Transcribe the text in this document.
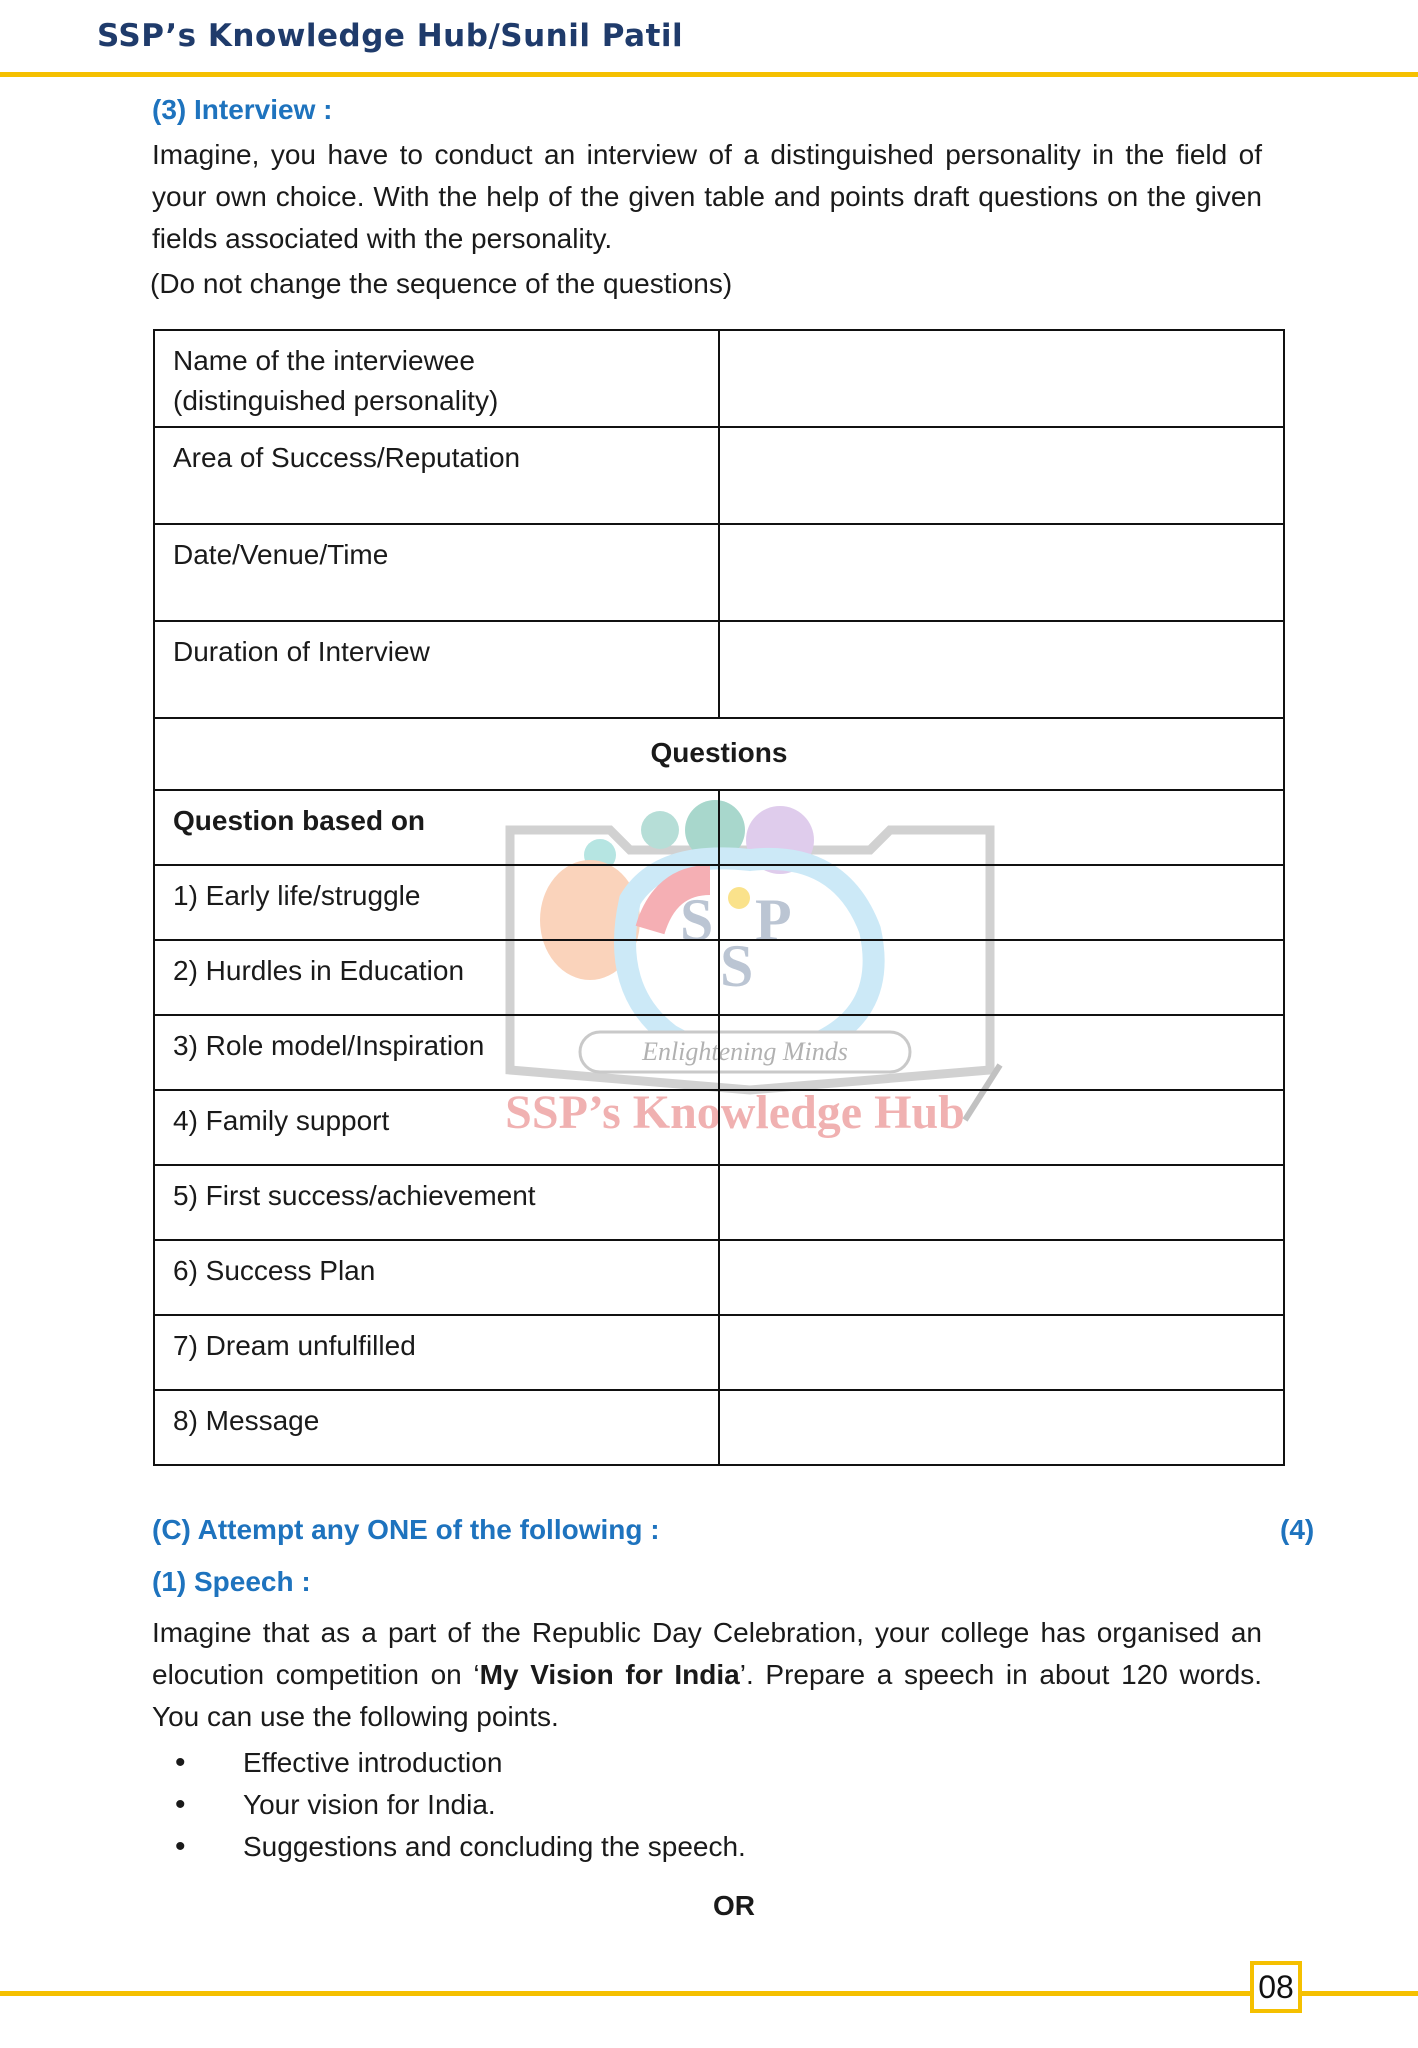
SSP’s Knowledge Hub/Sunil Patil
(3) Interview :

Imagine, you have to conduct an interview of a distinguished personality in the field of your own choice. With the help of the given table and points draft questions on the given fields associated with the personality.

(Do not change the sequence of the questions)
S P
S
Enlightening Minds
SSP’s Knowledge Hub
Name of the interviewee
(distinguished personality)	
Area of Success/Reputation	
Date/Venue/Time	
Duration of Interview	
Questions	
Question based on	
1) Early life/struggle	
2) Hurdles in Education	
3) Role model/Inspiration	
4) Family support	
5) First success/achievement	
6) Success Plan	
7) Dream unfulfilled	
8) Message	
(C) Attempt any ONE of the following :	(4)
(1) Speech :

Imagine that as a part of the Republic Day Celebration, your college has organised an elocution competition on ‘My Vision for India’. Prepare a speech in about 120 words. You can use the following points.

• Effective introduction
• Your vision for India.
• Suggestions and concluding the speech.
OR
08
